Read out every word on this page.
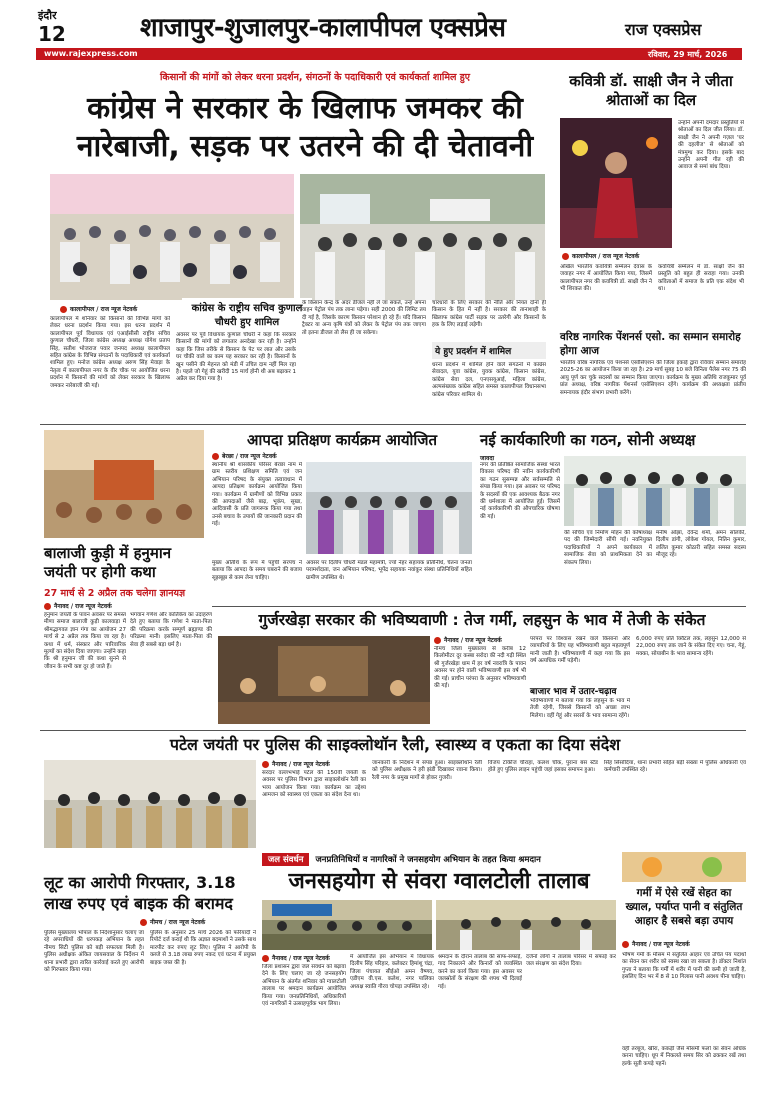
इंदौर
12	शाजापुर-शुजालपुर-कालापीपल एक्सप्रेस	राज एक्सप्रेस
www.rajexpress.com	रविवार, 29 मार्च, 2026
किसानों की मांगों को लेकर धरना प्रदर्शन, संगठनों के पदाधिकारी एवं कार्यकर्ता शामिल हुए
कांग्रेस ने सरकार के खिलाफ जमकर की नारेबाजी, सड़क पर उतरने की दी चेतावनी
कालापीपल / राज न्यूज नेटवर्क	कांग्रेस के राष्ट्रीय सचिव कुणाल चौधरी हुए शामिल
कालापीपल में शनिवार को किसानों की विभिन्न मांगों को लेकर धरना प्रदर्शन किया गया। इस धरना प्रदर्शन में कालापीपल पूर्व विधायक एवं एआईसीसी राष्ट्रीय सचिव कुणाल चौधरी, जिला कांग्रेस अध्यक्ष अध्यक्ष योगेश प्रताप सिंह, सतीश भोजराज पवार जनपद अध्यक्ष कालापीपल सहित कांग्रेस के विभिन्न संगठनों के पदाधिकारी एवं कार्यकर्ता शामिल हुए। मनोज कांग्रेस अध्यक्ष अरुण सिंह मेवाड़ा के नेतृत्व में कालापीपल नगर के वीर चौक पर आयोजित धरना प्रदर्शन में किसानों की मांगों को लेकर सरकार के खिलाफ जमकर नारेबाजी की गई।
अवसर पर पूर्व विधायक कुणाल चौधरी ने कहा कि सरकार किसानों की मांगों को लगातार अनदेखा कर रही है। उन्होंने कहा कि जिस तरीके से किसान के पेट पर लात और उसके घर चौकी वाले का काम यह सरकार कर रही है। किसानों के खून पसीने की मेहनत को मंडी में उचित दाम नहीं मिल रहा है। पहले जो गेहूं की खरीदी 15 मार्च होनी थी अब बढ़ाकर 1 अप्रैल कर दिया गया है।
के किसान केन्द्र के अंदर डीजल नहीं ले जा सकते, उन्हें अपना वाहन पेट्रोल पंप तक लाना पड़ेगा। सही 2000 की लिमिट तय दी गई है, जिसके कारण किसान परेशान हो रहे हैं। यदि किसान ट्रैक्टर या अन्य कृषि यंत्रों को लेकर के पेट्रोल पंप तक जाएगा तो इतना डीजल तो लैस ही जा सकेगा।
चारधारों के लिए सरकार की नीति और नियत दोनों ही किसान के हित में नहीं है। सरकार की तानाशाही के खिलाफ कांग्रेस पार्टी सड़क पर उतरेगी और किसानों के हक के लिए लड़ाई लड़ेगी।
ये हुए प्रदर्शन में शामिल
धरना प्रदर्शन में शामिल होने वाले संगठनों में कांग्रेस सेवादल, युवा कांग्रेस, युवक कांग्रेस, किसान कांग्रेस, कांग्रेस सेवा दल, एनएसयूआई, महिला कांग्रेस, अल्पसंख्यक कांग्रेस सहित समस्त कालापीपल विधानसभा कांग्रेस परिवार शामिल थे।
कवित्री डॉ. साक्षी जैन ने जीता श्रोताओं का दिल
कालापीपल / राज न्यूज नेटवर्क
उन्होंने अपनी दमदार प्रस्तुतियों से श्रोताओं का दिल जीत लिया। डॉ. साक्षी जैन ने अपनी गज़ल 'घर की दहलीज' से श्रोताओं को मंत्रमुग्ध कर दिया। इसके बाद उन्होंने अपनी गीत रही की आवाज से समां बांध दिया।
अखिल भारतीय कवयित्री सम्मेलन देवास के जवाहर नगर में आयोजित किया गया, जिसमें कालापीपल नगर की कवयित्री डॉ. साक्षी जैन ने भी शिरकत की।
कवयित्री सम्मेलन में डॉ. साक्षी जैन की प्रस्तुति को बहुत ही सराहा गया। उनकी कविताओं में समाज के प्रति एक संदेश भी था।
वरिष्ठ नागरिक पेंशनर्स एसो. का सम्मान समारोह होगा आज
भारतीय वरिष्ठ नागरिक एवं पेंशनर्स एसोसिएशन की जिला इकाई द्वारा रविवार सम्मान समारोह 2025-26 का आयोजन किया जा रहा है। 29 मार्च सुबह 10 बजे विनिता पैलेस नगर 75 की आयु पूर्ण कर चुके सदस्यों का सम्मान किया जाएगा। कार्यक्रम के मुख्य अतिथि राजकुमार पूर्व प्रांत अध्यक्ष, वरिष्ठ नागरिक पेंशनर्स एसोसिएशन रहेंगे। कार्यक्रम की अध्यक्षता प्रांतीय समन्वयक इंदौर संभाग प्रभारी करेंगे।
बालाजी कुड़ी में हनुमान जयंती पर होगी कथा
27 मार्च से 2 अप्रैल तक चलेगा ज्ञानयज्ञ
नैनावद / राज न्यूज नेटवर्क
हनुमान जयंती के पावन अवसर पर समस्त मीणा समाज बालाजी कुड़ी कालवाड़ा में श्रीमद्भागवत ज्ञान गंगा का आयोजन 27 मार्च से 2 अप्रैल तक किया जा रहा है। कथा में धर्म, संस्कार और पारिवारिक मूल्यों का संदेश दिया जाएगा। उन्होंने कहा कि श्री हनुमान जी की कथा सुनने से जीवन के सभी कष्ट दूर हो जाते हैं।
भगवान गणेश और कार्तिकेय का उदाहरण देते हुए बताया कि गणेश ने माता-पिता की परिक्रमा करके सम्पूर्ण ब्रह्माण्ड की परिक्रमा मानी। इसलिए माता-पिता की सेवा ही सबसे बड़ा धर्म है।
आपदा प्रतिक्षण कार्यक्रम आयोजित
बेरछा / राज न्यूज नेटवर्क
स्थानीय श्री शासकीय परिसर बेरछा नाम में ग्राम स्तरीय प्रशिक्षण समिति एवं जन अभियान परिषद के संयुक्त तत्वावधान में आपदा प्रतिक्षण कार्यक्रम आयोजित किया गया। कार्यक्रम में ग्रामीणों को विभिन्न प्रकार की आपदाओं जैसे बाढ़, भूकंप, सूखा, आदिवासी के प्रति जागरूक किया गया तथा उनसे बचाव के उपायों की जानकारी प्रदान की गई।
मुख्य अतिथि के रूप में पहुंची सरपंच ने बताया कि आपदा के समय घबराने की बजाय सूझबूझ से काम लेना चाहिए।
अवसर पर दिलीप चौधरी मंडल महामंत्री, ज्यो नेहर सहायक प्रतिनिधि, चेतना जनता परामर्शदाता, जन अभियान परिषद, भूपेंद्र सहायक नवांकुर संस्था प्रतिनिधियों सहित ग्रामीण उपस्थित थे।
नई कार्यकारिणी का गठन, सोनी अध्यक्ष
जावदा
नगर की प्रतिष्ठित सामाजिक संस्था भारत विकास परिषद की नवीन कार्यकारिणी का गठन सुसम्पन्न और सर्वसम्मति से संपन्न किया गया। इस अवसर पर परिषद के सदस्यों की एक आवश्यक बैठक नगर की धर्मशाला में आयोजित हुई। जिसमें नई कार्यकारिणी की औपचारिक घोषणा की गई।
की सचिव एवं निर्माण मोहन की कोषाध्यक्ष पद की जिम्मेदारी सौंपी गई। नवनियुक्त पदाधिकारियों ने अपने कार्यकाल में सामाजिक सेवा को प्राथमिकता देने का संकल्प लिया।
मनीष ओझा, देवेन्द्र शर्मा, अमन सोलंकी, दिलीप डांगी, लोकेश गोयल, नितिन कुमार, ललित कुमार कोठारी सहित समस्त सदस्य मौजूद रहे।
गुर्जरखेड़ा सरकार की भविष्यवाणी : तेज गर्मी, लहसुन के भाव में तेजी के संकेत
नैनावद / राज न्यूज नेटवर्क
नीमच जिला मुख्यालय से करीब 12 किलोमीटर दूर कस्बा सरोदा की नदी गढ़ी स्थित श्री गुर्जरखेड़ा धाम में हर वर्ष नवरात्रि के पावन अवसर पर होने वाली भविष्यवाणी इस वर्ष भी की गई। प्राचीन परंपरा के अनुसार भविष्यवाणी की गई।
परंपरा पर विश्वास रखने वाले किसानों और व्यापारियों के लिए यह भविष्यवाणी बहुत महत्वपूर्ण मानी जाती है। भविष्यवाणी में कहा गया कि इस वर्ष अत्यधिक गर्मी पड़ेगी।
बाजार भाव में उतार-चढ़ाव
भविष्यवाणी में बताया गया कि लहसुन के भाव में तेजी रहेगी, जिससे किसानों को अच्छा लाभ मिलेगा। वहीं गेहूं और सरसों के भाव सामान्य रहेंगे।
6,000 रुपए प्रति क्विंटल तक, लहसुन 12,000 से 22,000 रुपए तक जाने के संकेत दिए गए। चना, गेहूं, मक्का, सोयाबीन के भाव सामान्य रहेंगे।
पटेल जयंती पर पुलिस की साइक्लोथॉन रैली, स्वास्थ्य व एकता का दिया संदेश
नैनावद / राज न्यूज नेटवर्क
सरदार वल्लभभाई पटेल की 150वीं जयंती के अवसर पर पुलिस विभाग द्वारा साइक्लोथॉन रैली का भव्य आयोजन किया गया। कार्यक्रम का उद्देश्य आमजन को स्वास्थ्य एवं एकता का संदेश देना था।
जानकारी के निर्देशन में संपन्न हुआ। साइक्लोथॉन रैली को पुलिस अधीक्षक ने हरी झंडी दिखाकर रवाना किया। रैली नगर के प्रमुख मार्गों से होकर गुजरी।
विजय टॉकीज चौराहा, कलश चौक, पुराना बस स्टैंड होते हुए पुलिस लाइन पहुंची जहां इसका समापन हुआ।
सिंह सिसोदिया, थाना प्रभारी सहित बड़ी संख्या में पुलिस अधिकारी एवं कर्मचारी उपस्थित रहे।
जल संवर्धन	जनप्रतिनिधियों व नागरिकों ने जनसहयोग अभियान के तहत किया श्रमदान
लूट का आरोपी गिरफ्तार, 3.18 लाख रुपए एवं बाइक की बरामद
नीमच / राज न्यूज नेटवर्क
पुलिस मुख्यालय भोपाल के निर्देशानुसार चलाए जा रहे अपराधियों की धरपकड़ अभियान के तहत नीमच सिटी पुलिस को बड़ी सफलता मिली है। पुलिस अधीक्षक अंकित जायसवाल के निर्देशन में थाना प्रभारी द्वारा त्वरित कार्रवाई करते हुए आरोपी को गिरफ्तार किया गया।
पुलिस के अनुसार 25 मार्च 2026 को फरियादी ने रिपोर्ट दर्ज कराई थी कि अज्ञात बदमाशों ने उसके साथ मारपीट कर रुपए लूट लिए। पुलिस ने आरोपी के कब्जे से 3.18 लाख रुपए नकद एवं घटना में प्रयुक्त बाइक जब्त की है।
जनसहयोग से संवरा ग्वालटोली तालाब
नैनावद / राज न्यूज नेटवर्क
जिला प्रशासन द्वारा जल संवर्धन को बढ़ावा देने के लिए चलाए जा रहे जनसहयोग अभियान के अंतर्गत शनिवार को ग्वालटोली तालाब पर श्रमदान कार्यक्रम आयोजित किया गया। जनप्रतिनिधियों, अधिकारियों एवं नागरिकों ने उत्साहपूर्वक भाग लिया।
में आयोजित इस अभियान में विधायक दिलीप सिंह परिहार, कलेक्टर हिमांशु चंद्रा, जिला पंचायत सीईओ अमन वैष्णव, एडीएम वी.एस. कलेश, नगर पालिका अध्यक्ष स्वाति गौरव चोपड़ा उपस्थित रहे।
श्रमदान के दौरान तालाब की साफ-सफाई, गाद निकालने और किनारों को व्यवस्थित करने का कार्य किया गया। इस अवसर पर जलस्रोतों के संरक्षण की शपथ भी दिलाई गई।
दर्जनों लोगों ने तालाब परिसर में सफाई कर जल संरक्षण का संदेश दिया।
गर्मी में ऐसे रखें सेहत का ख्याल, पर्याप्त पानी व संतुलित आहार है सबसे बड़ा उपाय
नैनावद / राज न्यूज नेटवर्क
भीषण गर्मी के मौसम में संतुलित आहार एवं उचित पेय पदार्थों का सेवन कर शरीर को स्वस्थ रखा जा सकता है। डॉक्टर निशांत गुप्ता ने बताया कि गर्मी में शरीर में पानी की कमी हो जाती है, इसलिए दिन भर में 8 से 10 गिलास पानी अवश्य पीना चाहिए।
वहीं तरबूज, खीरा, ककड़ी जैसे मौसमी फलों का सेवन अधिक करना चाहिए। धूप में निकलते समय सिर को ढककर रखें तथा हल्के सूती कपड़े पहनें।
